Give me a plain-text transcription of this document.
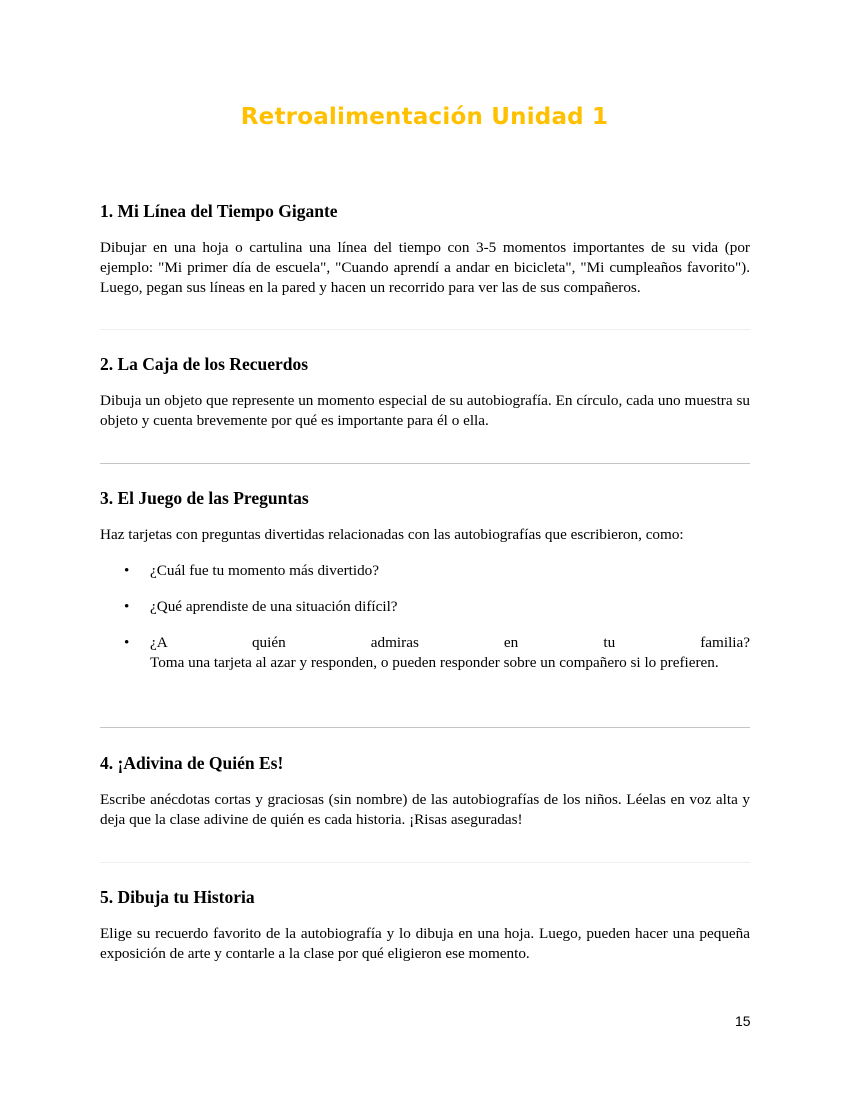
Retroalimentación Unidad 1

1. Mi Línea del Tiempo Gigante

Dibujar en una hoja o cartulina una línea del tiempo con 3-5 momentos importantes de su vida (por ejemplo: "Mi primer día de escuela", "Cuando aprendí a andar en bicicleta", "Mi cumpleaños favorito"). Luego, pegan sus líneas en la pared y hacen un recorrido para ver las de sus compañeros.

2. La Caja de los Recuerdos

Dibuja un objeto que represente un momento especial de su autobiografía. En círculo, cada uno muestra su objeto y cuenta brevemente por qué es importante para él o ella.

3. El Juego de las Preguntas

Haz tarjetas con preguntas divertidas relacionadas con las autobiografías que escribieron, como:

• ¿Cuál fue tu momento más divertido?
• ¿Qué aprendiste de una situación difícil?
• ¿A quién admiras en tu familia?
Toma una tarjeta al azar y responden, o pueden responder sobre un compañero si lo prefieren.

4. ¡Adivina de Quién Es!

Escribe anécdotas cortas y graciosas (sin nombre) de las autobiografías de los niños. Léelas en voz alta y deja que la clase adivine de quién es cada historia. ¡Risas aseguradas!

5. Dibuja tu Historia

Elige su recuerdo favorito de la autobiografía y lo dibuja en una hoja. Luego, pueden hacer una pequeña exposición de arte y contarle a la clase por qué eligieron ese momento.

15
